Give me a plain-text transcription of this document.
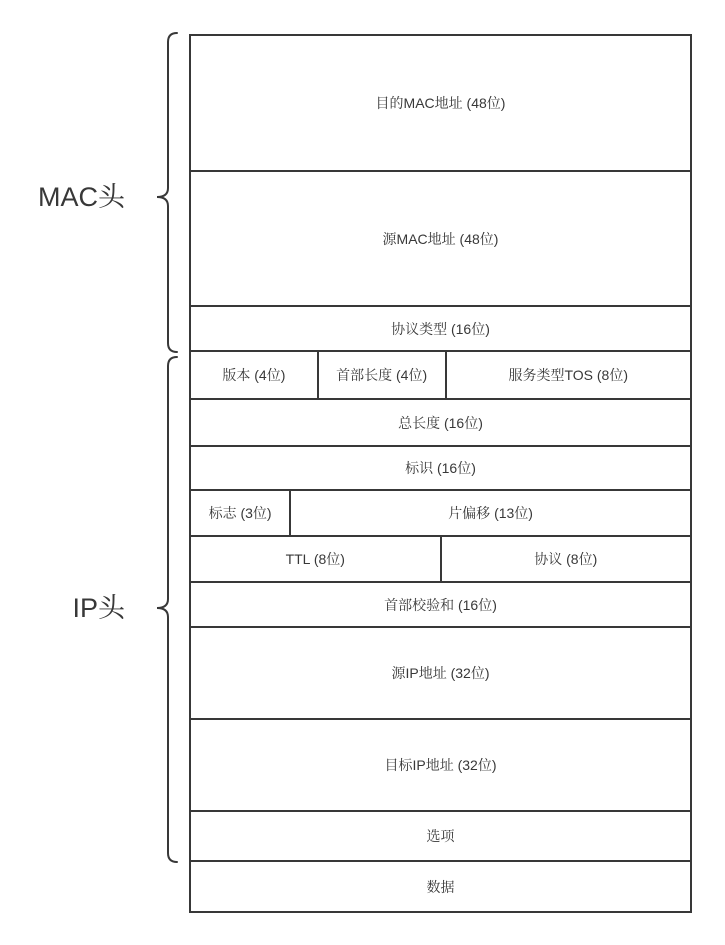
MAC头
IP头
目的MAC地址 (48位)
源MAC地址 (48位)
协议类型 (16位)
版本 (4位)	首部长度 (4位)	服务类型TOS (8位)
总长度 (16位)
标识 (16位)
标志 (3位)	片偏移 (13位)
TTL (8位)	协议 (8位)
首部校验和 (16位)
源IP地址 (32位)
目标IP地址 (32位)
选项
数据
